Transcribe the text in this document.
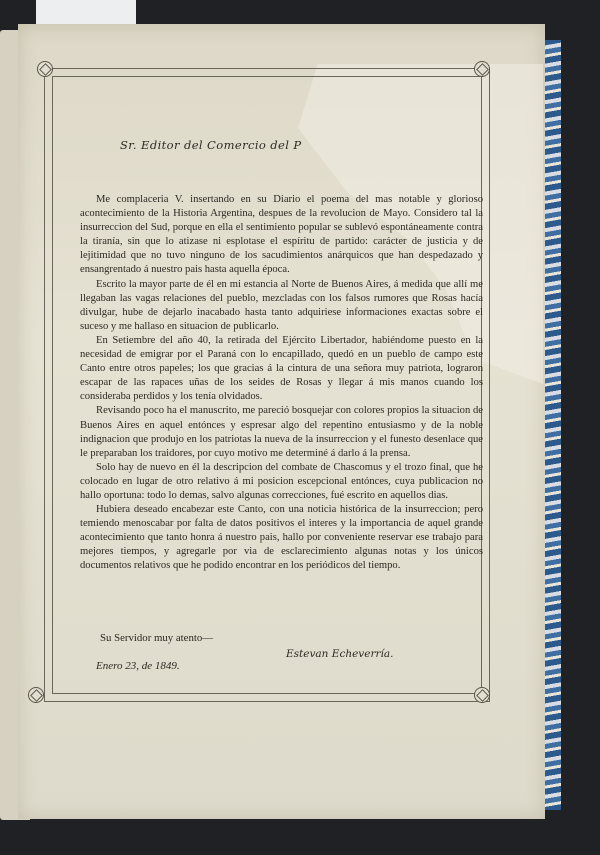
Sr. Editor del Comercio del P

Me complaceria V. insertando en su Diario el poema del mas notable y glorioso acontecimiento de la Historia Argentina, despues de la revolucion de Mayo. Considero tal la insurreccion del Sud, porque en ella el sentimiento popular se sublevó espontáneamente contra la tiranía, sin que lo atizase ni esplotase el espíritu de partido: carácter de justicia y de lejitimidad que no tuvo ninguno de los sacudimientos anárquicos que han despedazado y ensangrentado á nuestro pais hasta aquella época.

Escrito la mayor parte de él en mi estancia al Norte de Buenos Aires, á medida que allí me llegaban las vagas relaciones del pueblo, mezcladas con los falsos rumores que Rosas hacía divulgar, hube de dejarlo inacabado hasta tanto adquiriese informaciones exactas sobre el suceso y me hallaso en situacion de publicarlo.

En Setiembre del año 40, la retirada del Ejército Libertador, habiéndome puesto en la necesidad de emigrar por el Paraná con lo encapillado, quedó en un pueblo de campo este Canto entre otros papeles; los que gracias á la cintura de una señora muy patriota, lograron escapar de las rapaces uñas de los seides de Rosas y llegar á mis manos cuando los consideraba perdidos y los tenía olvidados.

Revisando poco ha el manuscrito, me pareció bosquejar con colores propios la situacion de Buenos Aires en aquel entónces y espresar algo del repentino entusiasmo y de la noble indignacion que produjo en los patriotas la nueva de la insurreccion y el funesto desenlace que le preparaban los traidores, por cuyo motivo me determiné á darlo á la prensa.

Solo hay de nuevo en él la descripcion del combate de Chascomus y el trozo final, que he colocado en lugar de otro relativo á mi posicion escepcional entónces, cuya publicacion no hallo oportuna: todo lo demas, salvo algunas correcciones, fué escrito en aquellos dias.

Hubiera deseado encabezar este Canto, con una noticia histórica de la insurreccion; pero temiendo menoscabar por falta de datos positivos el interes y la importancia de aquel grande acontecimiento que tanto honra á nuestro pais, hallo por conveniente reservar ese trabajo para mejores tiempos, y agregarle por via de esclarecimiento algunas notas y los únicos documentos relativos que he podido encontrar en los periódicos del tiempo.

Su Servidor muy atento—
Estevan Echeverría.
Enero 23, de 1849.
